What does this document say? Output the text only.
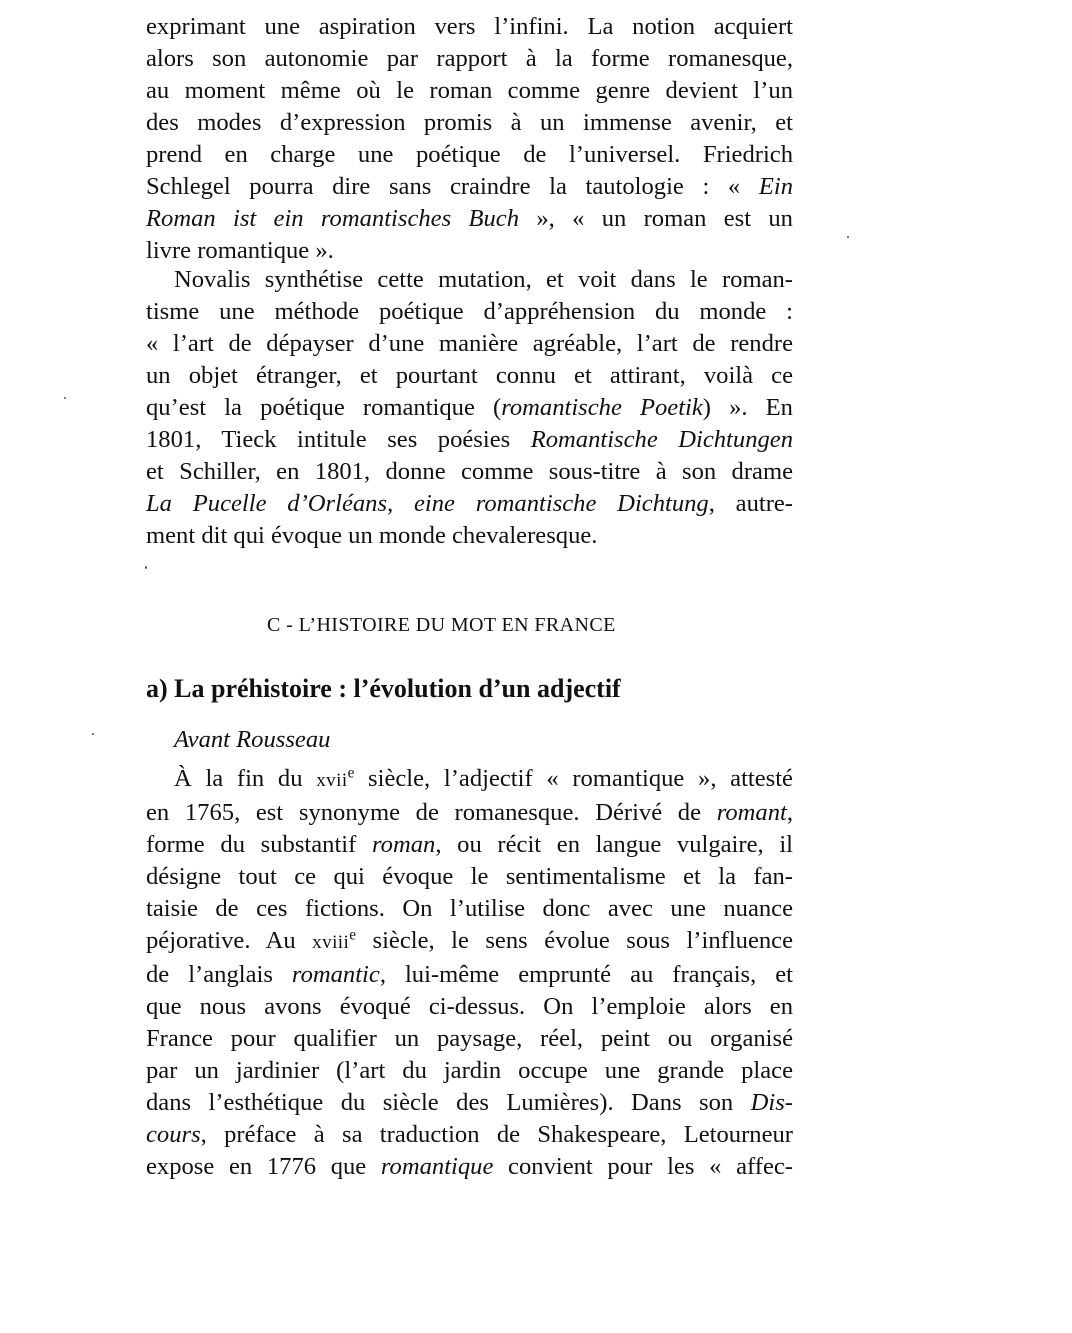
exprimant une aspiration vers l’infini. La notion acquiert
alors son autonomie par rapport à la forme romanesque,
au moment même où le roman comme genre devient l’un
des modes d’expression promis à un immense avenir, et
prend en charge une poétique de l’universel. Friedrich
Schlegel pourra dire sans craindre la tautologie : « Ein
Roman ist ein romantisches Buch », « un roman est un
livre romantique ».

Novalis synthétise cette mutation, et voit dans le roman-
tisme une méthode poétique d’appréhension du monde :
« l’art de dépayser d’une manière agréable, l’art de rendre
un objet étranger, et pourtant connu et attirant, voilà ce
qu’est la poétique romantique (romantische Poetik) ». En
1801, Tieck intitule ses poésies Romantische Dichtungen
et Schiller, en 1801, donne comme sous-titre à son drame
La Pucelle d’Orléans, eine romantische Dichtung, autre-
ment dit qui évoque un monde chevaleresque.

C - L’HISTOIRE DU MOT EN FRANCE
a) La préhistoire : l’évolution d’un adjectif
Avant Rousseau

À la fin du xvii$^e$ siècle, l’adjectif « romantique », attesté
en 1765, est synonyme de romanesque. Dérivé de romant,
forme du substantif roman, ou récit en langue vulgaire, il
désigne tout ce qui évoque le sentimentalisme et la fan-
taisie de ces fictions. On l’utilise donc avec une nuance
péjorative. Au xviii$^e$ siècle, le sens évolue sous l’influence
de l’anglais romantic, lui-même emprunté au français, et
que nous avons évoqué ci-dessus. On l’emploie alors en
France pour qualifier un paysage, réel, peint ou organisé
par un jardinier (l’art du jardin occupe une grande place
dans l’esthétique du siècle des Lumières). Dans son Dis-
cours, préface à sa traduction de Shakespeare, Letourneur
expose en 1776 que romantique convient pour les « affec-
